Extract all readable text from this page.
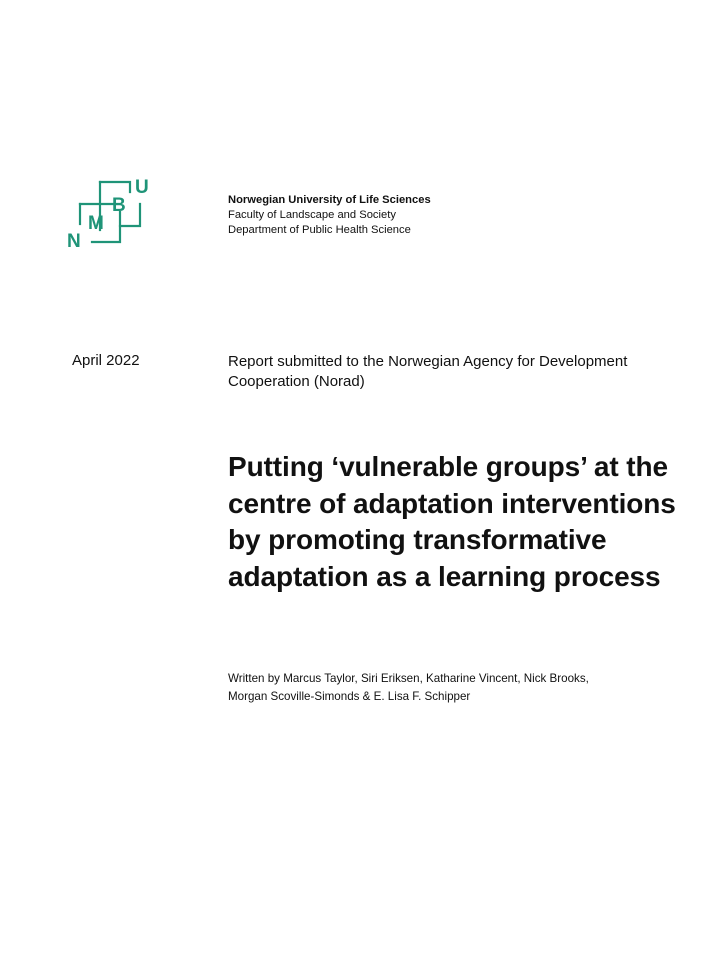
U
B
M
N
Norwegian University of Life Sciences
Faculty of Landscape and Society
Department of Public Health Science
April 2022	Report submitted to the Norwegian Agency for Development Cooperation (Norad)
Putting ‘vulnerable groups’ at the centre of adaptation interventions by promoting transformative adaptation as a learning process
Written by Marcus Taylor, Siri Eriksen, Katharine Vincent, Nick Brooks,
Morgan Scoville-Simonds & E. Lisa F. Schipper
